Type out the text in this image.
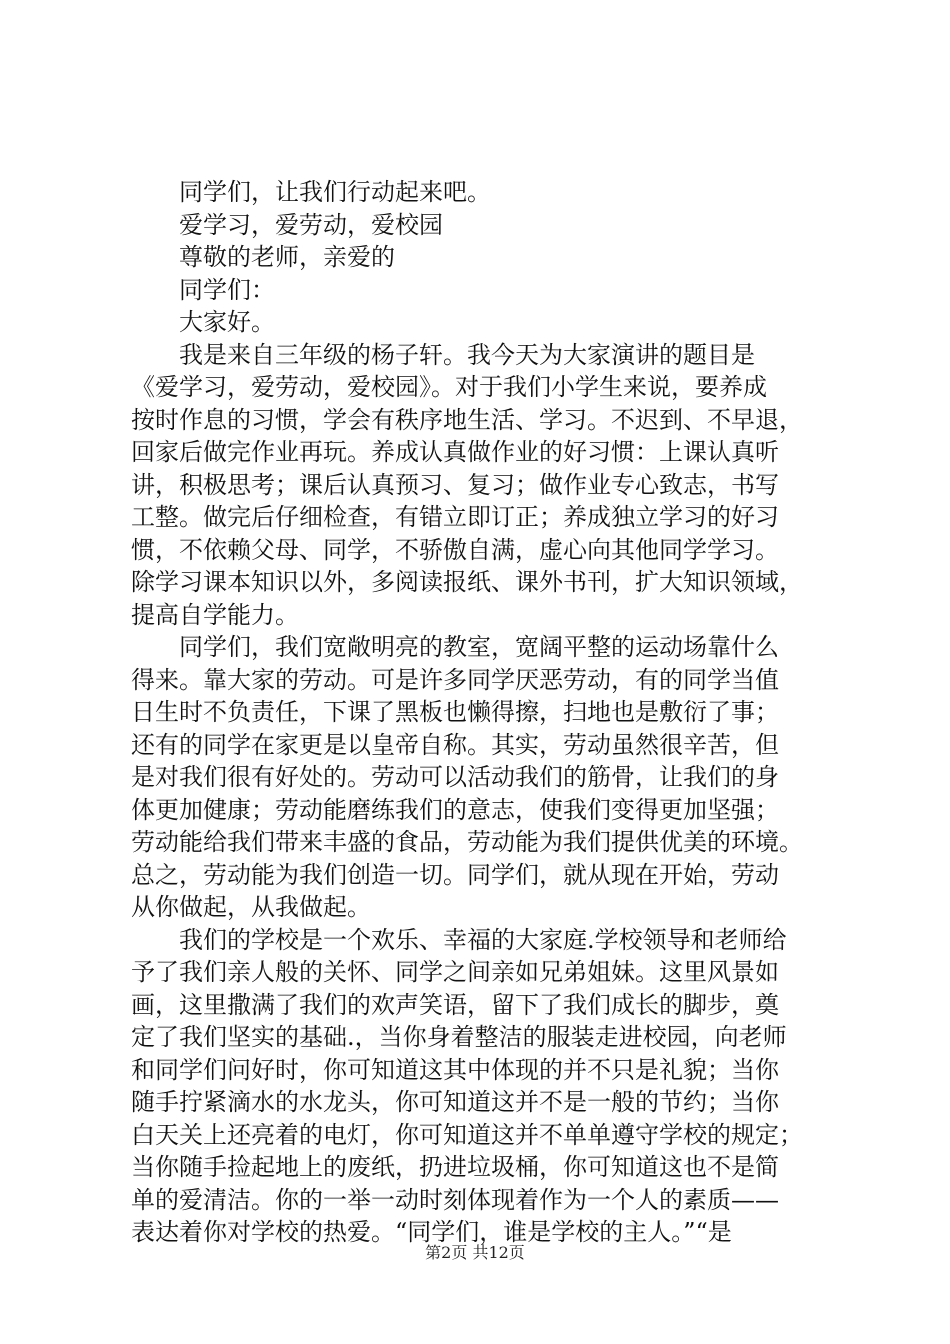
同学们，让我们行动起来吧。
爱学习，爱劳动，爱校园
尊敬的老师，亲爱的
同学们：
大家好。
我是来自三年级的杨子轩。我今天为大家演讲的题目是
《爱学习，爱劳动，爱校园》。对于我们小学生来说，要养成
按时作息的习惯，学会有秩序地生活、学习。不迟到、不早退，
回家后做完作业再玩。养成认真做作业的好习惯：上课认真听
讲，积极思考；课后认真预习、复习；做作业专心致志，书写
工整。做完后仔细检查，有错立即订正；养成独立学习的好习
惯，不依赖父母、同学，不骄傲自满，虚心向其他同学学习。
除学习课本知识以外，多阅读报纸、课外书刊，扩大知识领域，
提高自学能力。
同学们，我们宽敞明亮的教室，宽阔平整的运动场靠什么
得来。靠大家的劳动。可是许多同学厌恶劳动，有的同学当值
日生时不负责任，下课了黑板也懒得擦，扫地也是敷衍了事；
还有的同学在家更是以皇帝自称。其实，劳动虽然很辛苦，但
是对我们很有好处的。劳动可以活动我们的筋骨，让我们的身
体更加健康；劳动能磨练我们的意志，使我们变得更加坚强；
劳动能给我们带来丰盛的食品，劳动能为我们提供优美的环境。
总之，劳动能为我们创造一切。同学们，就从现在开始，劳动
从你做起，从我做起。
我们的学校是一个欢乐、幸福的大家庭.学校领导和老师给
予了我们亲人般的关怀、同学之间亲如兄弟姐妹。这里风景如
画，这里撒满了我们的欢声笑语，留下了我们成长的脚步，奠
定了我们坚实的基础.，当你身着整洁的服装走进校园，向老师
和同学们问好时，你可知道这其中体现的并不只是礼貌；当你
随手拧紧滴水的水龙头，你可知道这并不是一般的节约；当你
白天关上还亮着的电灯，你可知道这并不单单遵守学校的规定；
当你随手捡起地上的废纸，扔进垃圾桶，你可知道这也不是简
单的爱清洁。你的一举一动时刻体现着作为一个人的素质——
表达着你对学校的热爱。“同学们，谁是学校的主人。”“是
第2页 共12页
